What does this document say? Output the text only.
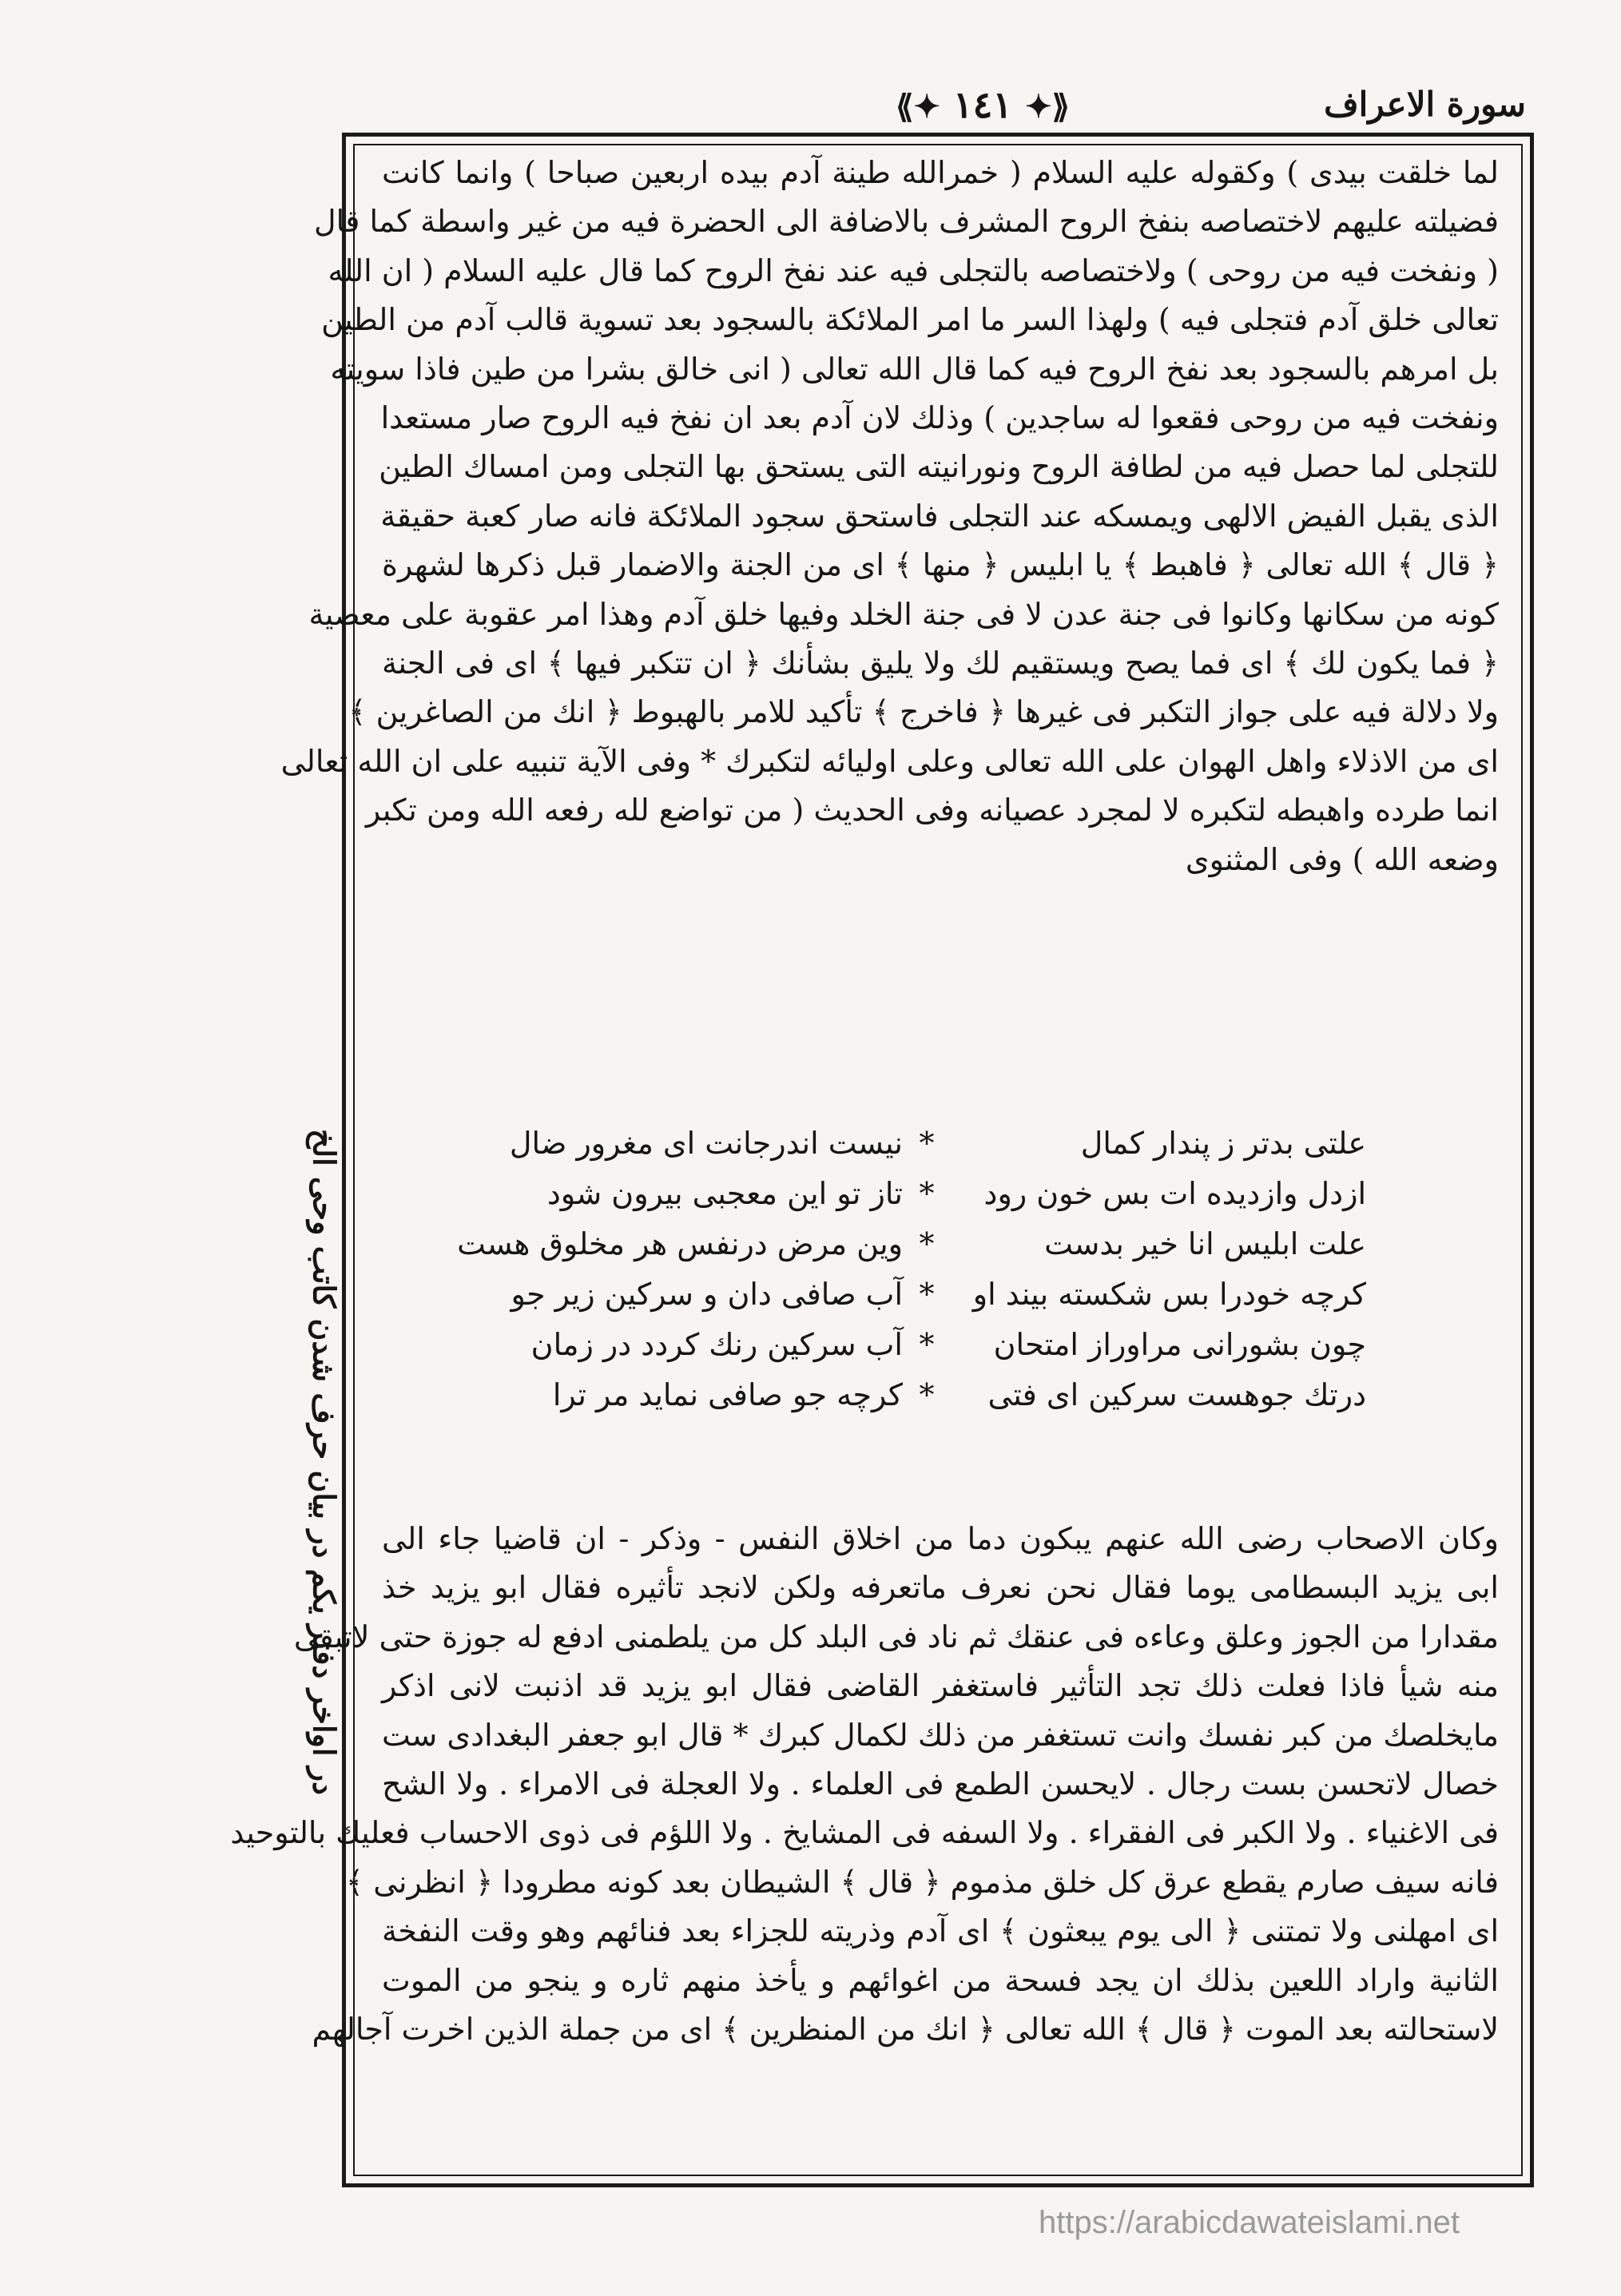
⟪✦ ١٤١ ✦⟫	سورة الاعراف
لما خلقت بيدى ) وكقوله عليه السلام ( خمرالله طينة آدم بيده اربعين صباحا ) وانما كانت
فضيلته عليهم لاختصاصه بنفخ الروح المشرف بالاضافة الى الحضرة فيه من غير واسطة كما قال
( ونفخت فيه من روحى ) ولاختصاصه بالتجلى فيه عند نفخ الروح كما قال عليه السلام ( ان الله
تعالى خلق آدم فتجلى فيه ) ولهذا السر ما امر الملائكة بالسجود بعد تسوية قالب آدم من الطين
بل امرهم بالسجود بعد نفخ الروح فيه كما قال الله تعالى ( انى خالق بشرا من طين فاذا سويته
ونفخت فيه من روحى فقعوا له ساجدين ) وذلك لان آدم بعد ان نفخ فيه الروح صار مستعدا
للتجلى لما حصل فيه من لطافة الروح ونورانيته التى يستحق بها التجلى ومن امساك الطين
الذى يقبل الفيض الالهى ويمسكه عند التجلى فاستحق سجود الملائكة فانه صار كعبة حقيقة
﴿ قال ﴾ الله تعالى ﴿ فاهبط ﴾ يا ابليس ﴿ منها ﴾ اى من الجنة والاضمار قبل ذكرها لشهرة
كونه من سكانها وكانوا فى جنة عدن لا فى جنة الخلد وفيها خلق آدم وهذا امر عقوبة على معصية
﴿ فما يكون لك ﴾ اى فما يصح ويستقيم لك ولا يليق بشأنك ﴿ ان تتكبر فيها ﴾ اى فى الجنة
ولا دلالة فيه على جواز التكبر فى غيرها ﴿ فاخرج ﴾ تأكيد للامر بالهبوط ﴿ انك من الصاغرين ﴾
اى من الاذلاء واهل الهوان على الله تعالى وعلى اوليائه لتكبرك * وفى الآية تنبيه على ان الله تعالى
انما طرده واهبطه لتكبره لا لمجرد عصيانه وفى الحديث ( من تواضع لله رفعه الله ومن تكبر
وضعه الله ) وفى المثنوى
علتى بدتر ز پندار كمال
*
نيست اندرجانت اى مغرور ضال
ازدل وازديده ات بس خون رود
*
تاز تو اين معجبى بيرون شود
علت ابليس انا خير بدست
*
وين مرض درنفس هر مخلوق هست
كرچه خودرا بس شكسته بيند او
*
آب صافى دان و سركين زير جو
چون بشورانى مراوراز امتحان
*
آب سركين رنك كردد در زمان
درتك جوهست سركين اى فتى
*
كرچه جو صافى نمايد مر ترا
وكان الاصحاب رضى الله عنهم يبكون دما من اخلاق النفس - وذكر - ان قاضيا جاء الى
ابى يزيد البسطامى يوما فقال نحن نعرف ماتعرفه ولكن لانجد تأثيره فقال ابو يزيد خذ
مقدارا من الجوز وعلق وعاءه فى عنقك ثم ناد فى البلد كل من يلطمنى ادفع له جوزة حتى لاتبقى
منه شيأ فاذا فعلت ذلك تجد التأثير فاستغفر القاضى فقال ابو يزيد قد اذنبت لانى اذكر
مايخلصك من كبر نفسك وانت تستغفر من ذلك لكمال كبرك * قال ابو جعفر البغدادى ست
خصال لاتحسن بست رجال . لايحسن الطمع فى العلماء . ولا العجلة فى الامراء . ولا الشح
فى الاغنياء . ولا الكبر فى الفقراء . ولا السفه فى المشايخ . ولا اللؤم فى ذوى الاحساب فعليك بالتوحيد
فانه سيف صارم يقطع عرق كل خلق مذموم ﴿ قال ﴾ الشيطان بعد كونه مطرودا ﴿ انظرنى ﴾
اى امهلنى ولا تمتنى ﴿ الى يوم يبعثون ﴾ اى آدم وذريته للجزاء بعد فنائهم وهو وقت النفخة
الثانية واراد اللعين بذلك ان يجد فسحة من اغوائهم و يأخذ منهم ثاره و ينجو من الموت
لاستحالته بعد الموت ﴿ قال ﴾ الله تعالى ﴿ انك من المنظرين ﴾ اى من جملة الذين اخرت آجالهم
در اواخر دفتر يكم در بيان حرف شدن كاتب وحى الخ
https://arabicdawateislami.net
